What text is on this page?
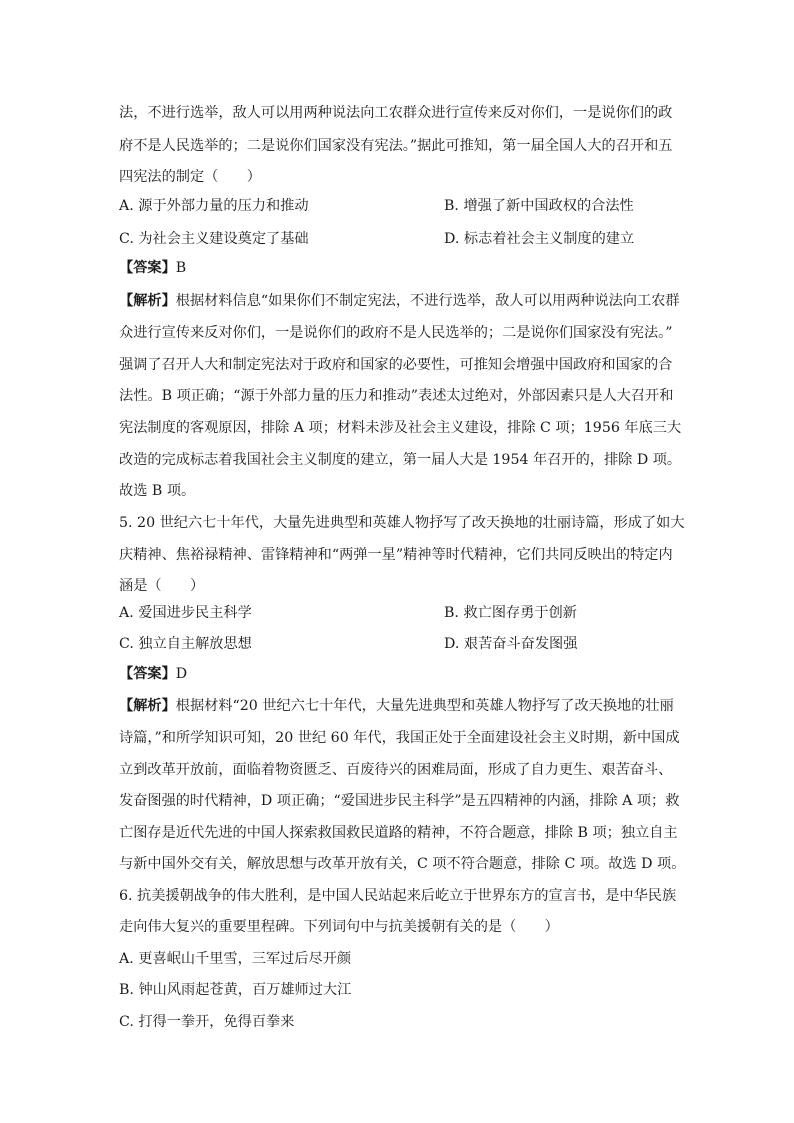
法，不进行选举，敌人可以用两种说法向工农群众进行宣传来反对你们，一是说你们的政
府不是人民选举的；二是说你们国家没有宪法。”据此可推知，第一届全国人大的召开和五
四宪法的制定（　　）
A. 源于外部力量的压力和推动	B. 增强了新中国政权的合法性
C. 为社会主义建设奠定了基础	D. 标志着社会主义制度的建立
【答案】B
【解析】根据材料信息“如果你们不制定宪法，不进行选举，敌人可以用两种说法向工农群
众进行宣传来反对你们，一是说你们的政府不是人民选举的；二是说你们国家没有宪法。”
强调了召开人大和制定宪法对于政府和国家的必要性，可推知会增强中国政府和国家的合
法性。B 项正确；“源于外部力量的压力和推动”表述太过绝对，外部因素只是人大召开和
宪法制度的客观原因，排除 A 项；材料未涉及社会主义建设，排除 C 项；1956 年底三大
改造的完成标志着我国社会主义制度的建立，第一届人大是 1954 年召开的，排除 D 项。
故选 B 项。
5. 20 世纪六七十年代，大量先进典型和英雄人物抒写了改天换地的壮丽诗篇，形成了如大
庆精神、焦裕禄精神、雷锋精神和“两弹一星”精神等时代精神，它们共同反映出的特定内
涵是（　　）
A. 爱国进步民主科学	B. 救亡图存勇于创新
C. 独立自主解放思想	D. 艰苦奋斗奋发图强
【答案】D
【解析】根据材料“20 世纪六七十年代，大量先进典型和英雄人物抒写了改天换地的壮丽
诗篇，”和所学知识可知，20 世纪 60 年代，我国正处于全面建设社会主义时期，新中国成
立到改革开放前，面临着物资匮乏、百废待兴的困难局面，形成了自力更生、艰苦奋斗、
发奋图强的时代精神，D 项正确；“爱国进步民主科学”是五四精神的内涵，排除 A 项；救
亡图存是近代先进的中国人探索救国救民道路的精神，不符合题意，排除 B 项；独立自主
与新中国外交有关，解放思想与改革开放有关，C 项不符合题意，排除 C 项。故选 D 项。
6. 抗美援朝战争的伟大胜利，是中国人民站起来后屹立于世界东方的宣言书，是中华民族
走向伟大复兴的重要里程碑。下列词句中与抗美援朝有关的是（　　）
A. 更喜岷山千里雪，三军过后尽开颜
B. 钟山风雨起苍黄，百万雄师过大江
C. 打得一拳开，免得百拳来
